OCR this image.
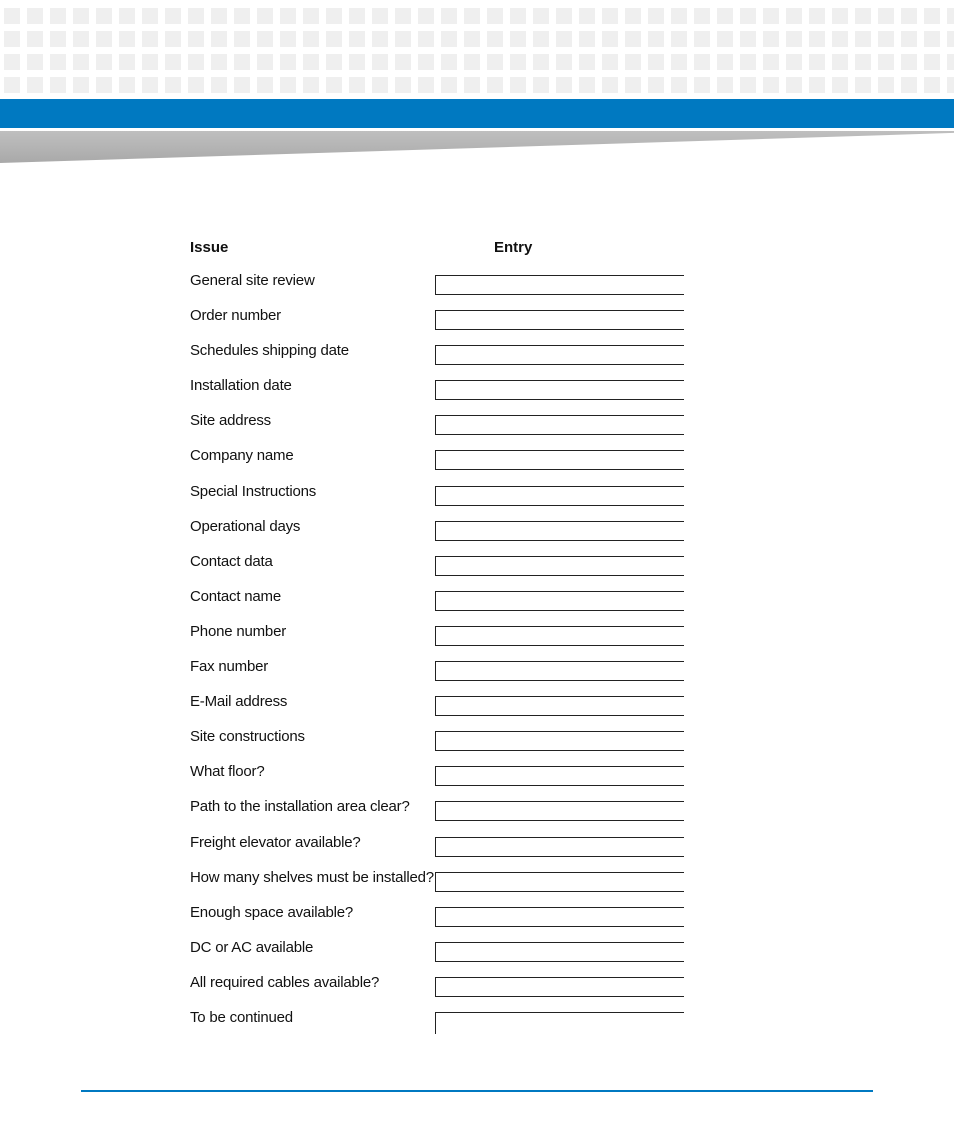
Issue	Entry
General site review
Order number
Schedules shipping date
Installation date
Site address
Company name
Special Instructions
Operational days
Contact data
Contact name
Phone number
Fax number
E-Mail address
Site constructions
What floor?
Path to the installation area clear?
Freight elevator available?
How many shelves must be installed?
Enough space available?
DC or AC available
All required cables available?
To be continued
